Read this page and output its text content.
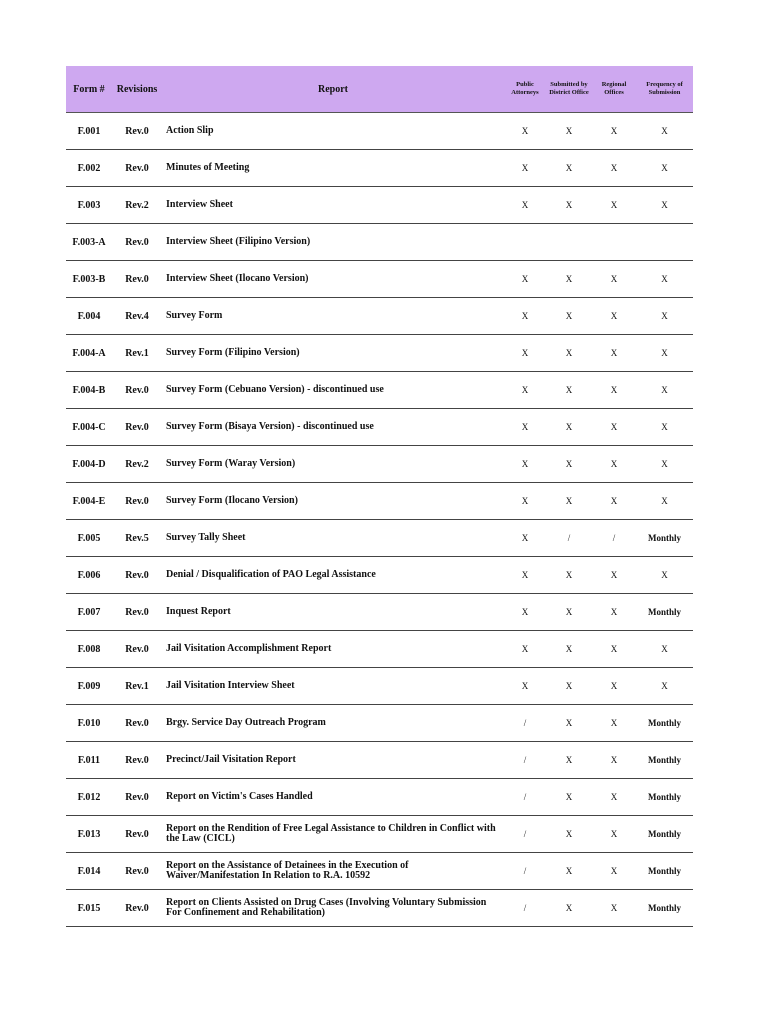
Form #	Revisions	Report	Public Attorneys	Submitted by District Office	Regional Offices	Frequency of Submission
F.001	Rev.0	Action Slip	X	X	X	X
F.002	Rev.0	Minutes of Meeting	X	X	X	X
F.003	Rev.2	Interview Sheet	X	X	X	X
F.003-A	Rev.0	Interview Sheet (Filipino Version)				
F.003-B	Rev.0	Interview Sheet (Ilocano Version)	X	X	X	X
F.004	Rev.4	Survey Form	X	X	X	X
F.004-A	Rev.1	Survey Form (Filipino Version)	X	X	X	X
F.004-B	Rev.0	Survey Form (Cebuano Version) - discontinued use	X	X	X	X
F.004-C	Rev.0	Survey Form (Bisaya Version) - discontinued use	X	X	X	X
F.004-D	Rev.2	Survey Form (Waray Version)	X	X	X	X
F.004-E	Rev.0	Survey Form (Ilocano Version)	X	X	X	X
F.005	Rev.5	Survey Tally Sheet	X	/	/	Monthly
F.006	Rev.0	Denial / Disqualification of PAO Legal Assistance	X	X	X	X
F.007	Rev.0	Inquest Report	X	X	X	Monthly
F.008	Rev.0	Jail Visitation Accomplishment Report	X	X	X	X
F.009	Rev.1	Jail Visitation Interview Sheet	X	X	X	X
F.010	Rev.0	Brgy. Service Day Outreach Program	/	X	X	Monthly
F.011	Rev.0	Precinct/Jail Visitation Report	/	X	X	Monthly
F.012	Rev.0	Report on Victim's Cases Handled	/	X	X	Monthly
F.013	Rev.0	Report on the Rendition of Free Legal Assistance to Children in Conflict with the Law (CICL)	/	X	X	Monthly
F.014	Rev.0	Report on the Assistance of Detainees in the Execution of Waiver/Manifestation In Relation to R.A. 10592	/	X	X	Monthly
F.015	Rev.0	Report on Clients Assisted on Drug Cases (Involving Voluntary Submission For Confinement and Rehabilitation)	/	X	X	Monthly
